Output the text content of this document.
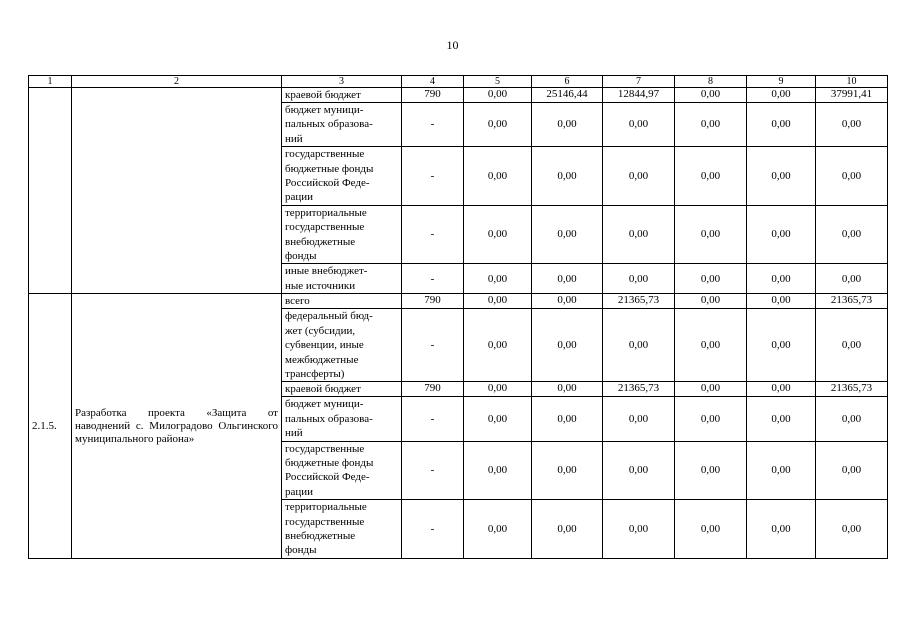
10
1	2	3	4	5	6	7	8	9	10
		краевой бюджет	790	0,00	25146,44	12844,97	0,00	0,00	37991,41
		бюджет муници-
пальных образова-
ний	-	0,00	0,00	0,00	0,00	0,00	0,00
		государственные
бюджетные фонды
Российской Феде-
рации	-	0,00	0,00	0,00	0,00	0,00	0,00
		территориальные
государственные
внебюджетные
фонды	-	0,00	0,00	0,00	0,00	0,00	0,00
		иные внебюджет-
ные источники	-	0,00	0,00	0,00	0,00	0,00	0,00
2.1.5.	Разработка проекта «Защита от наводнений с. Милоградово Ольгинского муниципального района»	всего	790	0,00	0,00	21365,73	0,00	0,00	21365,73
		федеральный бюд-
жет (субсидии,
субвенции, иные
межбюджетные
трансферты)	-	0,00	0,00	0,00	0,00	0,00	0,00
		краевой бюджет	790	0,00	0,00	21365,73	0,00	0,00	21365,73
		бюджет муници-
пальных образова-
ний	-	0,00	0,00	0,00	0,00	0,00	0,00
		государственные
бюджетные фонды
Российской Феде-
рации	-	0,00	0,00	0,00	0,00	0,00	0,00
		территориальные
государственные
внебюджетные
фонды	-	0,00	0,00	0,00	0,00	0,00	0,00
